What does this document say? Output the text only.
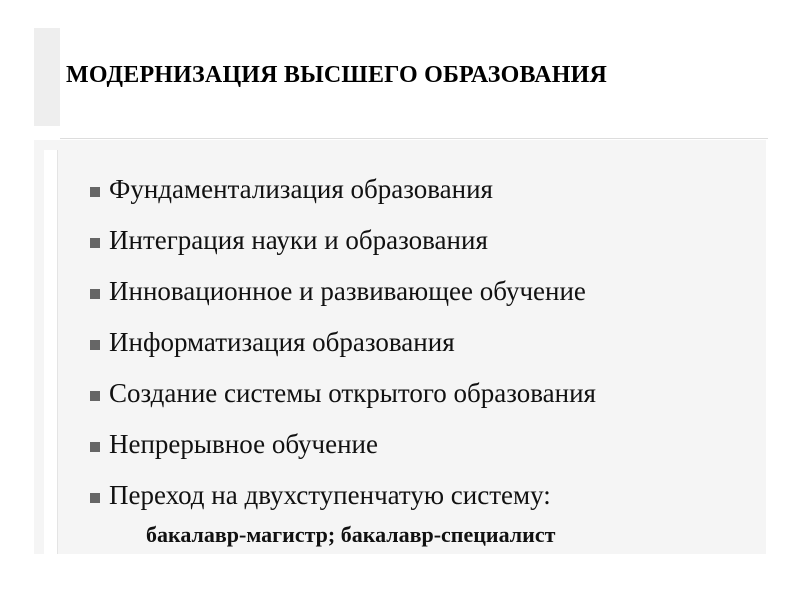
МОДЕРНИЗАЦИЯ ВЫСШЕГО ОБРАЗОВАНИЯ
Фундаментализация образования
Интеграция науки и образования
Инновационное и развивающее обучение
Информатизация образования
Создание системы открытого образования
Непрерывное обучение
Переход на двухступенчатую систему:
бакалавр-магистр; бакалавр-специалист
